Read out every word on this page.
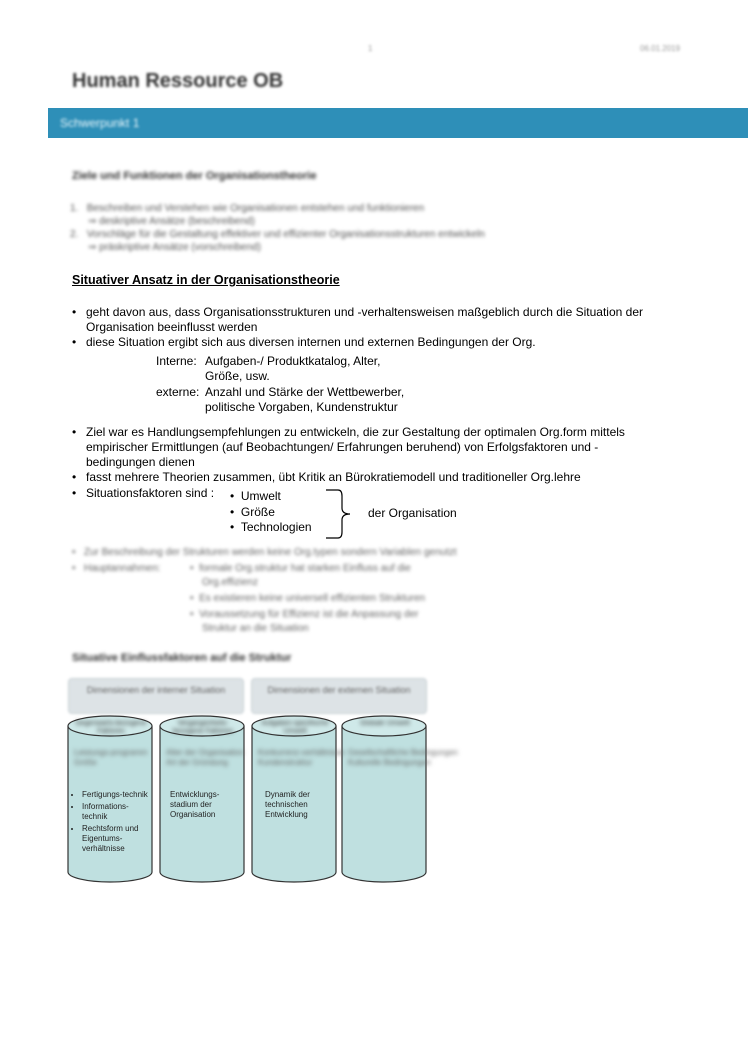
1	06.01.2019
Human Ressource OB
Schwerpunkt 1
Ziele und Funktionen der Organisationstheorie
1. Beschreiben und Verstehen wie Organisationen entstehen und funktionieren
⇒ deskriptive Ansätze (beschreibend)
2. Vorschläge für die Gestaltung effektiver und effizienter Organisationsstrukturen entwickeln
⇒ präskriptive Ansätze (vorschreibend)
Situativer Ansatz in der Organisationstheorie
• geht davon aus, dass Organisationsstrukturen und -verhaltensweisen maßgeblich durch die Situation der
Organisation beeinflusst werden
• diese Situation ergibt sich aus diversen internen und externen Bedingungen der Org.
Interne: Aufgaben-/ Produktkatalog, Alter,
Größe, usw.
externe: Anzahl und Stärke der Wettbewerber,
politische Vorgaben, Kundenstruktur
• Ziel war es Handlungsempfehlungen zu entwickeln, die zur Gestaltung der optimalen Org.form mittels
empirischer Ermittlungen (auf Beobachtungen/ Erfahrungen beruhend) von Erfolgsfaktoren und -
bedingungen dienen
• fasst mehrere Theorien zusammen, übt Kritik an Bürokratiemodell und traditioneller Org.lehre
• Situationsfaktoren sind : •  Umwelt
•  Größe
•  Technologien
der Organisation
•   Zur Beschreibung der Strukturen werden keine Org.typen sondern Variablen genutzt
•   Hauptannahmen:	•  formale Org.struktur hat starken Einfluss auf die
Org.effizienz
•  Es existieren keine universell effizienten Strukturen
•  Voraussetzung für Effizienz ist die Anpassung der
Struktur an die Situation
Situative Einflussfaktoren auf die Struktur
Dimensionen der interner Situation	Dimensionen der externen Situation
Gegenwarts-bezogene Faktoren
Vergangenheits-bezogene Faktoren
Aufgaben-spezifische Umwelt
Globale Umwelt
Leistungs-programm
Größe
Alter der Organisation
Art der Gründung
Konkurrenz-verhältnisse
Kundenstruktur
Gesellschaftliche Bedingungen
Kulturelle Bedingungen
• Fertigungs-technik
• Informations-technik
• Rechtsform und Eigentums-verhältnisse
Entwicklungs-stadium der Organisation
Dynamik der technischen Entwicklung
